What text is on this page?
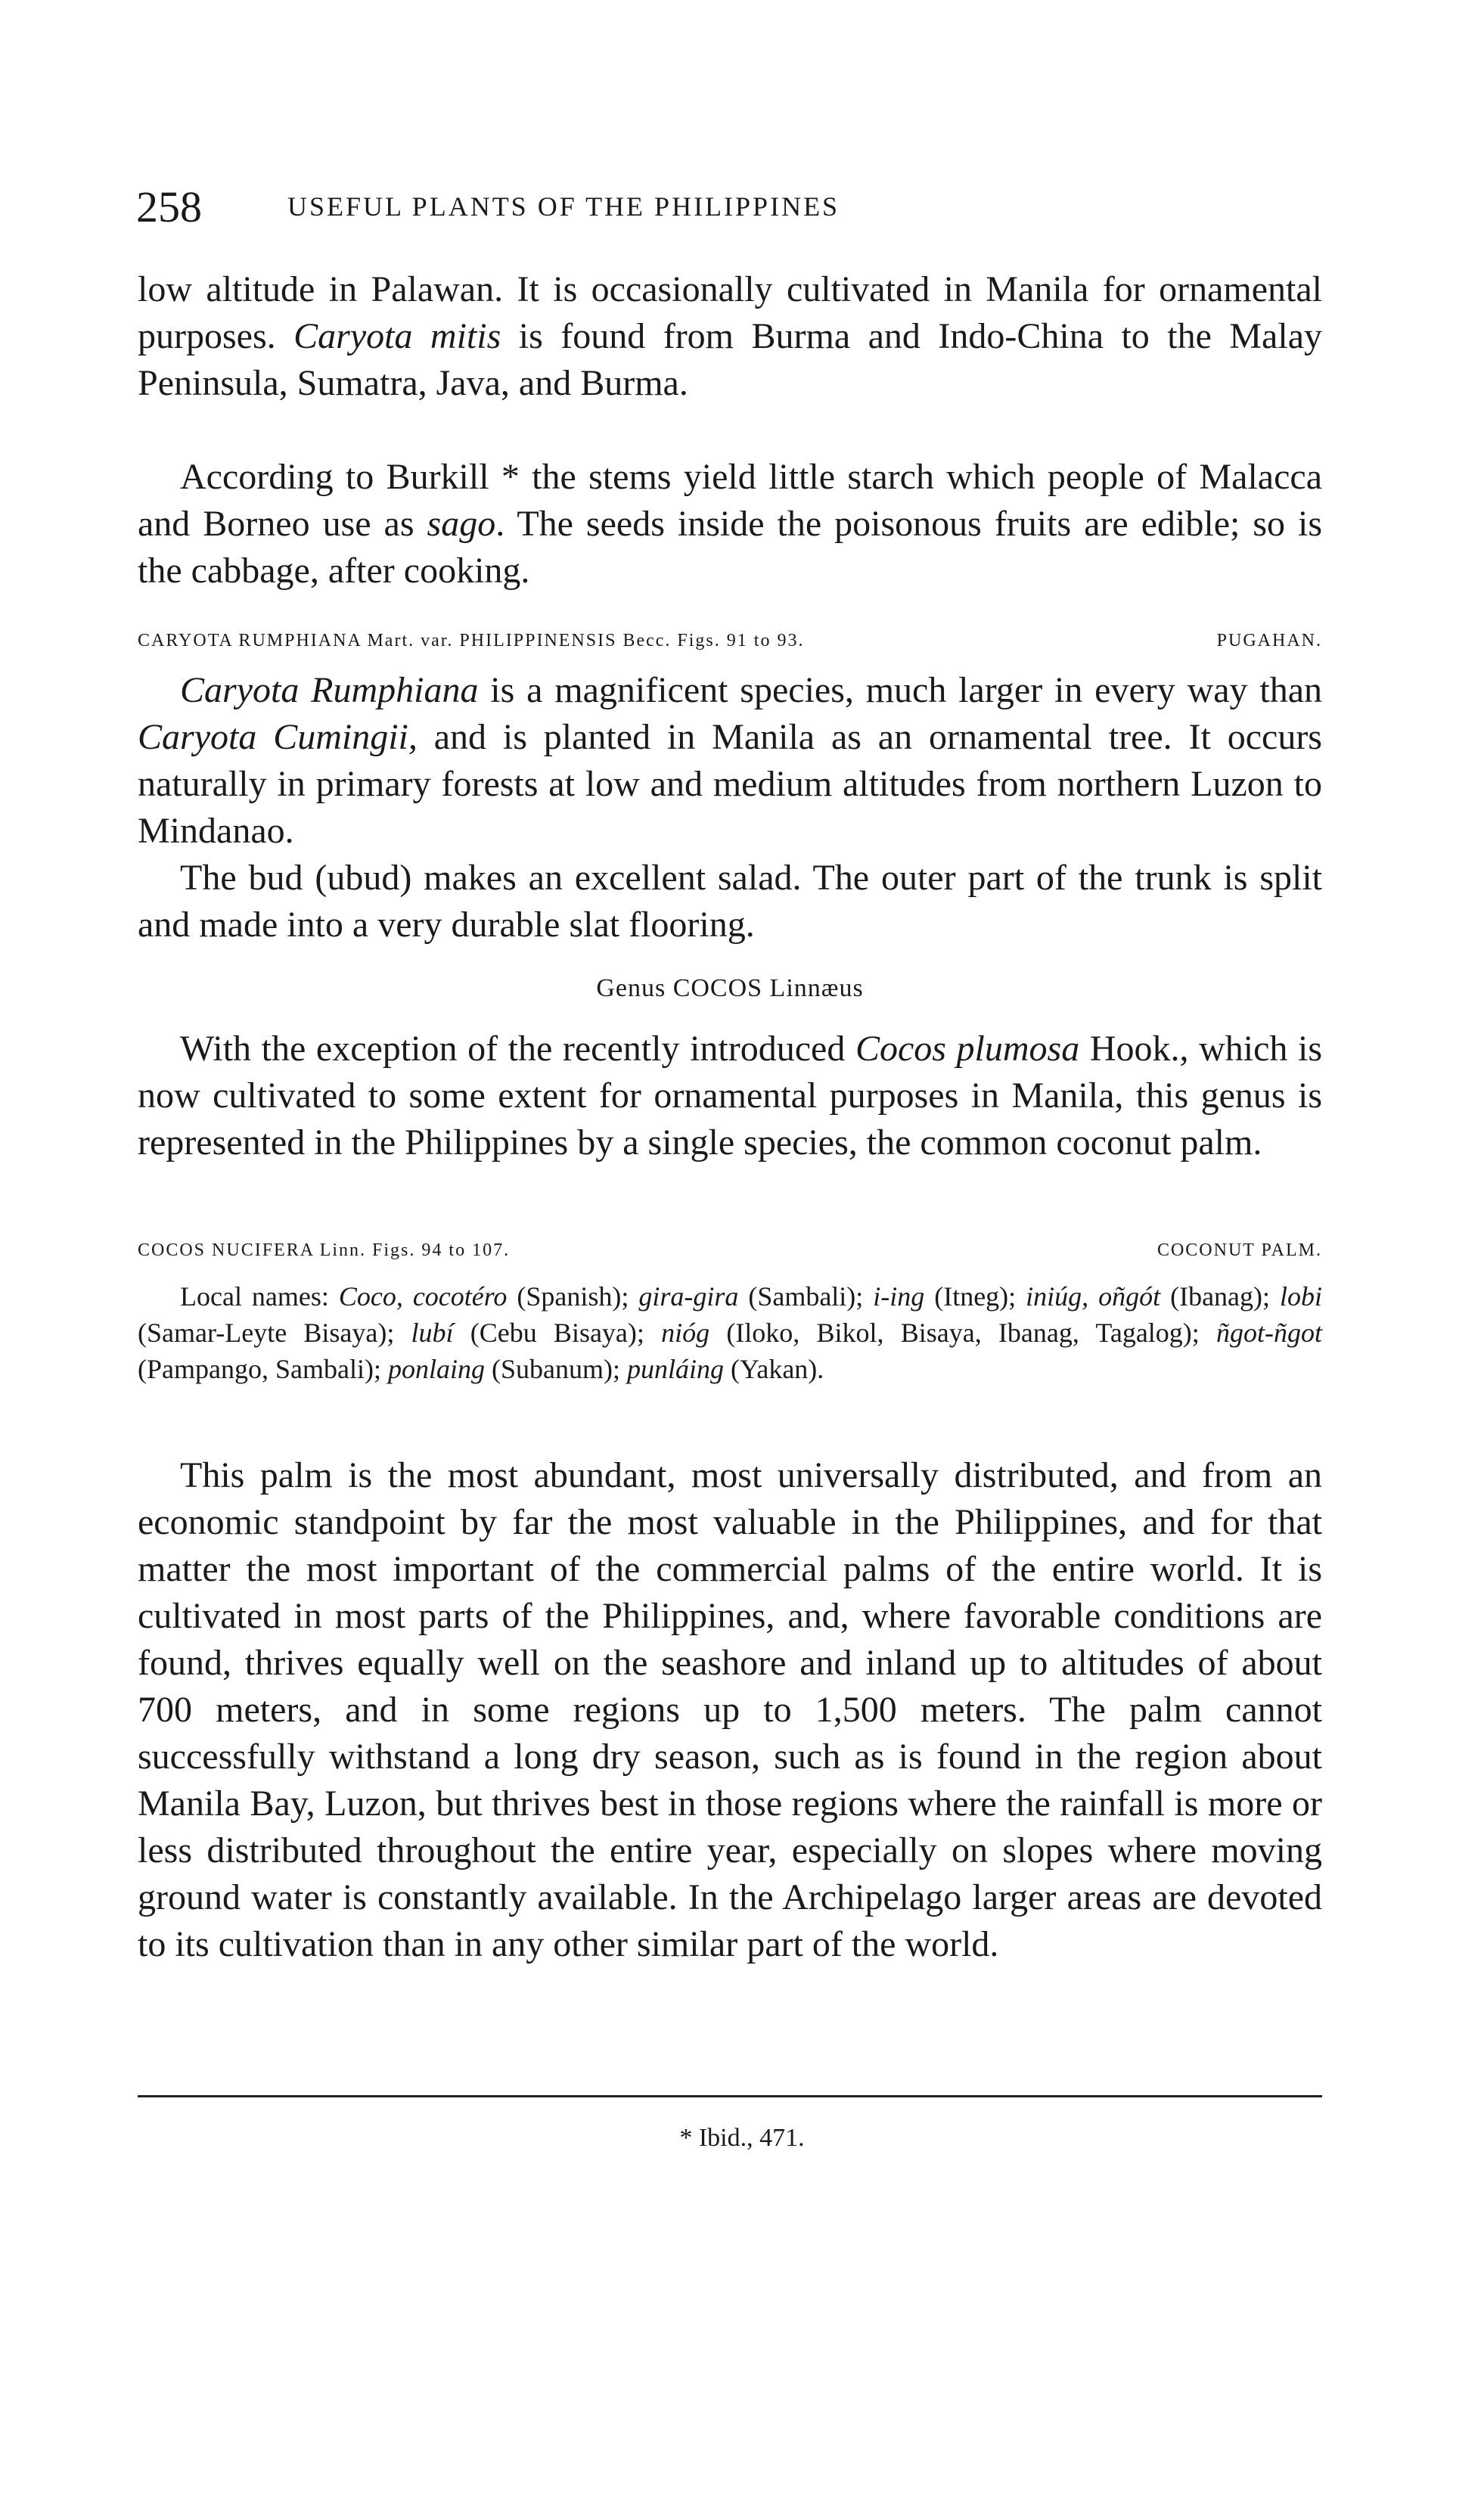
258	USEFUL PLANTS OF THE PHILIPPINES

low altitude in Palawan. It is occasionally cultivated in Manila for ornamental purposes. Caryota mitis is found from Burma and Indo-China to the Malay Peninsula, Sumatra, Java, and Burma.

According to Burkill * the stems yield little starch which people of Malacca and Borneo use as sago. The seeds inside the poisonous fruits are edible; so is the cabbage, after cooking.

CARYOTA RUMPHIANA Mart. var. PHILIPPINENSIS Becc. Figs. 91 to 93.	PUGAHAN.

Caryota Rumphiana is a magnificent species, much larger in every way than Caryota Cumingii, and is planted in Manila as an ornamental tree. It occurs naturally in primary forests at low and medium altitudes from northern Luzon to Mindanao.

The bud (ubud) makes an excellent salad. The outer part of the trunk is split and made into a very durable slat flooring.

Genus COCOS Linnæus

With the exception of the recently introduced Cocos plumosa Hook., which is now cultivated to some extent for ornamental purposes in Manila, this genus is represented in the Philippines by a single species, the common coconut palm.

COCOS NUCIFERA Linn. Figs. 94 to 107.	COCONUT PALM.

Local names: Coco, cocotéro (Spanish); gira-gira (Sambali); i-ing (Itneg); iniúg, oñgót (Ibanag); lobi (Samar-Leyte Bisaya); lubí (Cebu Bisaya); nióg (Iloko, Bikol, Bisaya, Ibanag, Tagalog); ñgot-ñgot (Pampango, Sambali); ponlaing (Subanum); punláing (Yakan).

This palm is the most abundant, most universally distributed, and from an economic standpoint by far the most valuable in the Philippines, and for that matter the most important of the commercial palms of the entire world. It is cultivated in most parts of the Philippines, and, where favorable conditions are found, thrives equally well on the seashore and inland up to altitudes of about 700 meters, and in some regions up to 1,500 meters. The palm cannot successfully withstand a long dry season, such as is found in the region about Manila Bay, Luzon, but thrives best in those regions where the rainfall is more or less distributed throughout the entire year, especially on slopes where moving ground water is constantly available. In the Archipelago larger areas are devoted to its cultivation than in any other similar part of the world.

* Ibid., 471.
